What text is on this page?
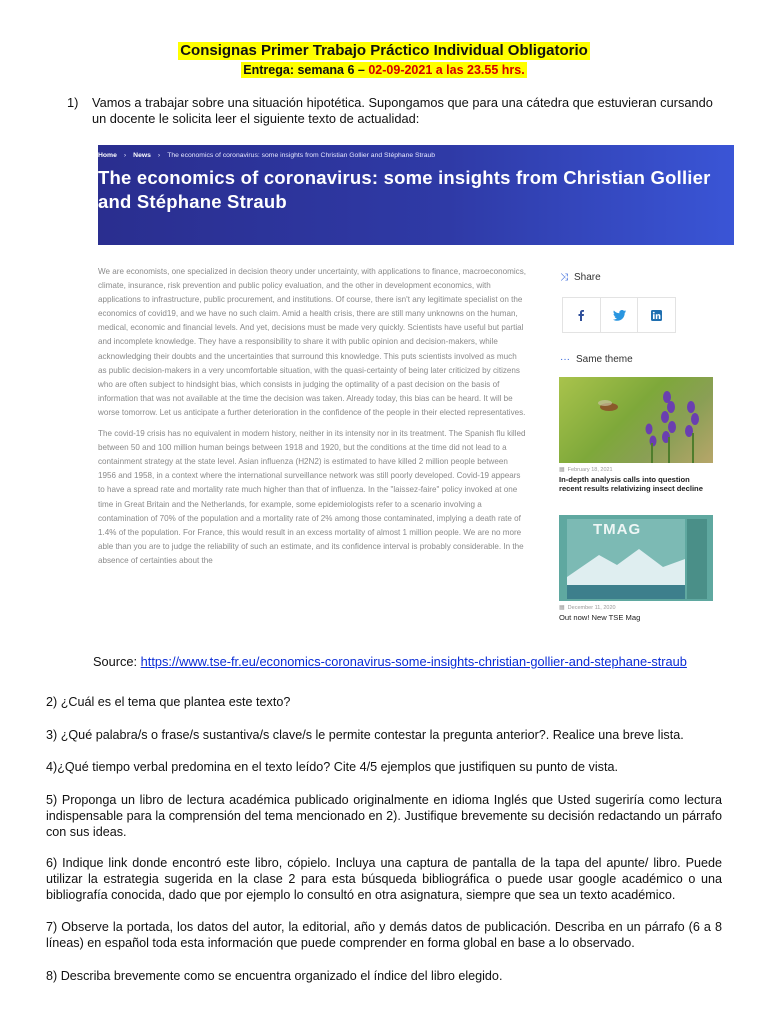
Consignas Primer Trabajo Práctico Individual Obligatorio
Entrega: semana 6 – 02-09-2021 a las 23.55 hrs.
1) Vamos a trabajar sobre una situación hipotética. Supongamos que para una cátedra que estuvieran cursando un docente le solicita leer el siguiente texto de actualidad:
Home › News › The economics of coronavirus: some insights from Christian Gollier and Stéphane Straub
The economics of coronavirus: some insights from Christian Gollier and Stéphane Straub

We are economists, one specialized in decision theory under uncertainty, with applications to finance, macroeconomics, climate, insurance, risk prevention and public policy evaluation, and the other in development economics, with applications to infrastructure, public procurement, and institutions. Of course, there isn't any legitimate specialist on the economics of covid19, and we have no such claim. Amid a health crisis, there are still many unknowns on the human, medical, economic and financial levels. And yet, decisions must be made very quickly. Scientists have useful but partial and incomplete knowledge. They have a responsibility to share it with public opinion and decision-makers, while acknowledging their doubts and the uncertainties that surround this knowledge. This puts scientists involved as much as public decision-makers in a very uncomfortable situation, with the quasi-certainty of being later criticized by citizens who are often subject to hindsight bias, which consists in judging the optimality of a past decision on the basis of information that was not available at the time the decision was taken. Already today, this bias can be heard. It will be worse tomorrow. Let us anticipate a further deterioration in the confidence of the people in their elected representatives.

The covid-19 crisis has no equivalent in modern history, neither in its intensity nor in its treatment. The Spanish flu killed between 50 and 100 million human beings between 1918 and 1920, but the conditions at the time did not lead to a containment strategy at the state level. Asian influenza (H2N2) is estimated to have killed 2 million people between 1956 and 1958, in a context where the international surveillance network was still poorly developed. Covid-19 appears to have a spread rate and mortality rate much higher than that of influenza. In the "laissez-faire" policy invoked at one time in Great Britain and the Netherlands, for example, some epidemiologists refer to a scenario involving a contamination of 70% of the population and a mortality rate of 2% among those contaminated, implying a death rate of 1.4% of the population. For France, this would result in an excess mortality of almost 1 million people. We are no more able than you are to judge the reliability of such an estimate, and its confidence interval is probably considerable. In the absence of certainties about the

⤨ Share
··· Same theme
▦ February 18, 2021
In-depth analysis calls into question recent results relativizing insect decline
TMAG
▦ December 11, 2020
Out now! New TSE Mag
Source: https://www.tse-fr.eu/economics-coronavirus-some-insights-christian-gollier-and-stephane-straub

2) ¿Cuál es el tema que plantea este texto?

3) ¿Qué palabra/s o frase/s sustantiva/s clave/s le permite contestar la pregunta anterior?. Realice una breve lista.

4)¿Qué tiempo verbal predomina en el texto leído? Cite 4/5 ejemplos que justifiquen su punto de vista.

5) Proponga un libro de lectura académica publicado originalmente en idioma Inglés que Usted sugeriría como lectura indispensable para la comprensión del tema mencionado en 2). Justifique brevemente su decisión redactando un párrafo con sus ideas.

6) Indique link donde encontró este libro, cópielo. Incluya una captura de pantalla de la tapa del apunte/ libro. Puede utilizar la estrategia sugerida en la clase 2 para esta búsqueda bibliográfica o puede usar google académico o una bibliografía conocida, dado que por ejemplo lo consultó en otra asignatura, siempre que sea un texto académico.

7) Observe la portada, los datos del autor, la editorial, año y demás datos de publicación. Describa en un párrafo (6 a 8 líneas) en español toda esta información que puede comprender en forma global en base a lo observado.

8) Describa brevemente como se encuentra organizado el índice del libro elegido.
